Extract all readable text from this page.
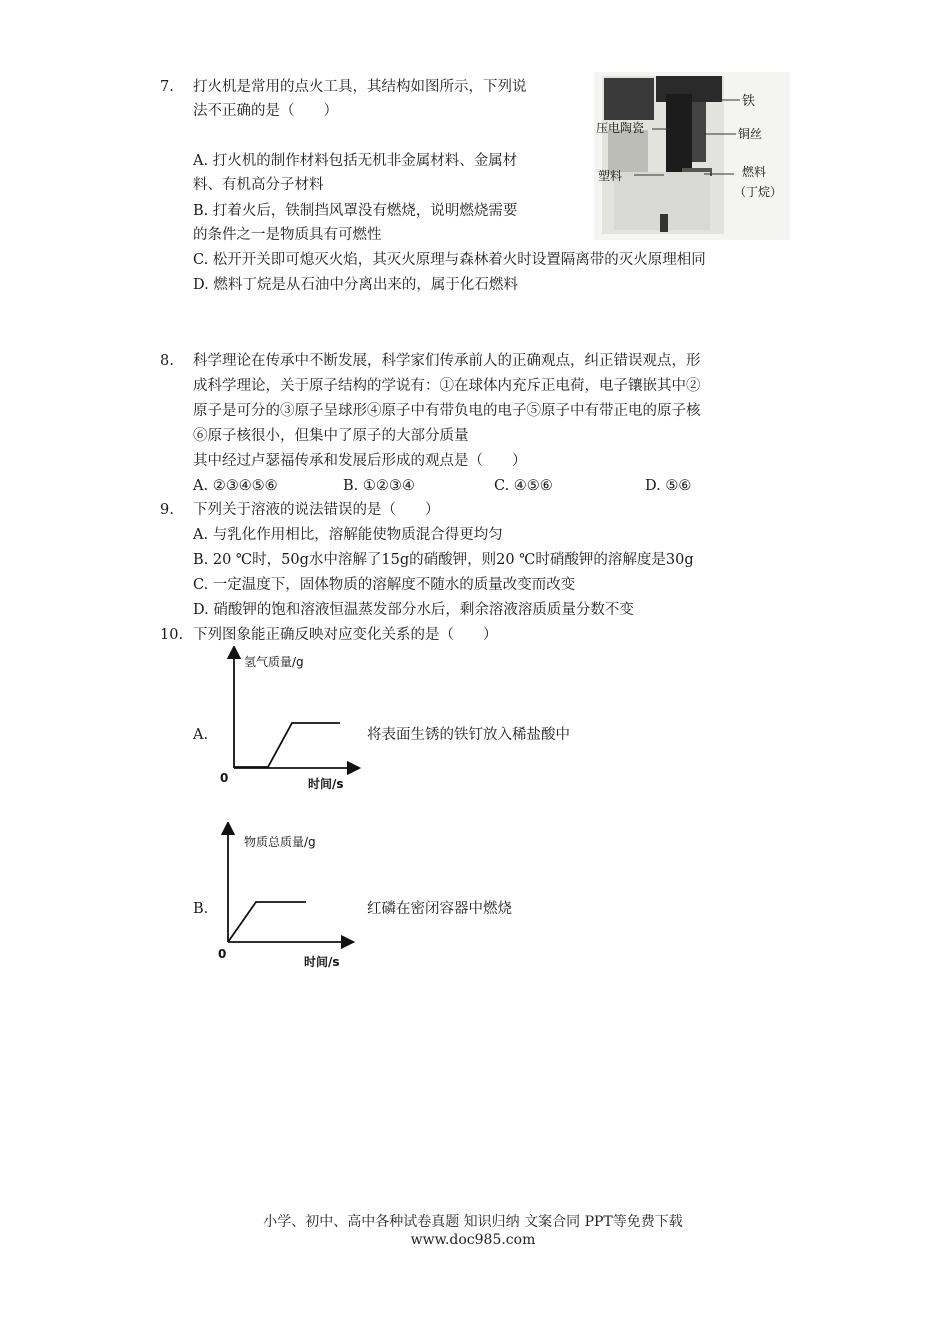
7. 打火机是常用的点火工具，其结构如图所示，下列说
法不正确的是（　　）
A. 打火机的制作材料包括无机非金属材料、金属材
料、有机高分子材料
B. 打着火后，铁制挡风罩没有燃烧，说明燃烧需要
的条件之一是物质具有可燃性
C. 松开开关即可熄灭火焰，其灭火原理与森林着火时设置隔离带的灭火原理相同
D. 燃料丁烷是从石油中分离出来的，属于化石燃料
铁
压电陶瓷	铜丝
塑料	燃料
（丁烷）
8. 科学理论在传承中不断发展，科学家们传承前人的正确观点，纠正错误观点，形
成科学理论，关于原子结构的学说有：①在球体内充斥正电荷，电子镶嵌其中②
原子是可分的③原子呈球形④原子中有带负电的电子⑤原子中有带正电的原子核
⑥原子核很小，但集中了原子的大部分质量
其中经过卢瑟福传承和发展后形成的观点是（　　）
A. ②③④⑤⑥	B. ①②③④	C. ④⑤⑥	D. ⑤⑥
9. 下列关于溶液的说法错误的是（　　）
A. 与乳化作用相比，溶解能使物质混合得更均匀
B. 20 ℃时，50g水中溶解了15g的硝酸钾，则20 ℃时硝酸钾的溶解度是30g
C. 一定温度下，固体物质的溶解度不随水的质量改变而改变
D. 硝酸钾的饱和溶液恒温蒸发部分水后，剩余溶液溶质质量分数不变
10. 下列图象能正确反映对应变化关系的是（　　）
A.
氢气质量/g
时间/s
0
将表面生锈的铁钉放入稀盐酸中
B.
物质总质量/g
时间/s
0
红磷在密闭容器中燃烧
小学、初中、高中各种试卷真题 知识归纳 文案合同 PPT等免费下载
www.doc985.com
